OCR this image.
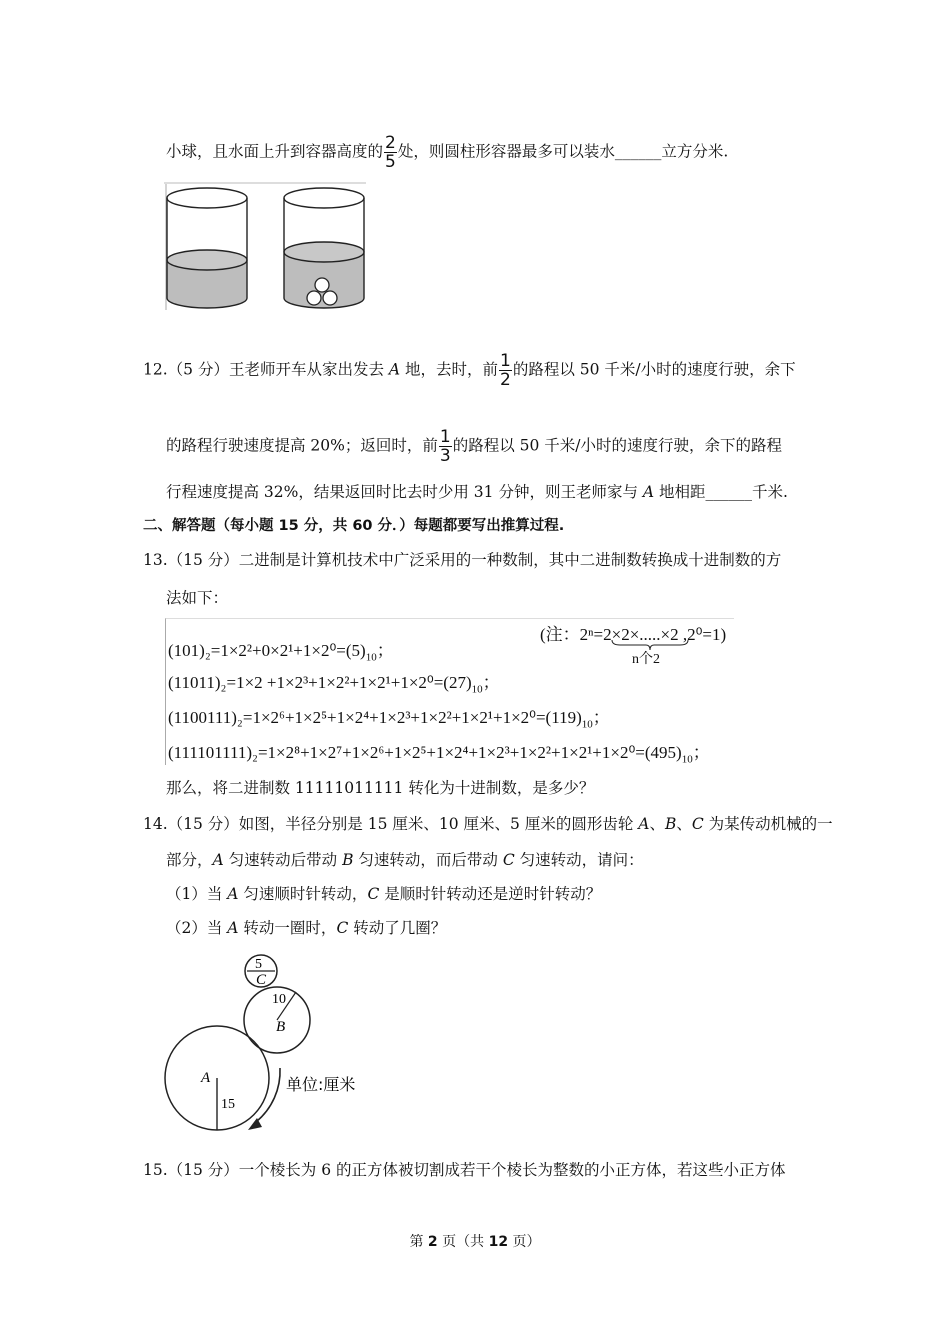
小球，且水面上升到容器高度的 $\frac{2}{5}$ 处，则圆柱形容器最多可以装水______立方分米.
12.（5 分）王老师开车从家出发去 A 地，去时，前 $\frac{1}{2}$ 的路程以 50 千米/小时的速度行驶，余下
的路程行驶速度提高 20%；返回时，前 $\frac{1}{3}$ 的路程以 50 千米/小时的速度行驶，余下的路程
行程速度提高 32%，结果返回时比去时少用 31 分钟，则王老师家与 A 地相距______千米.
二、解答题（每小题 15 分，共 60 分．）每题都要写出推算过程.
13.（15 分）二进制是计算机技术中广泛采用的一种数制，其中二进制数转换成十进制数的方
法如下：
(注：2ⁿ=2×2×.....×2 ,2⁰=1)
n个2
$(101)_2=1\times 2^2+0\times 2^1+1\times 2^0=(5)_{10}$；
$(11011)_2=1\times 2 +1\times 2^3+1\times 2^2+1\times 2^1+1\times 2^0=(27)_{10}$；
$(1100111)_2=1\times 2^6+1\times 2^5+1\times 2^4+1\times 2^3+1\times 2^2+1\times 2^1+1\times 2^0=(119)_{10}$；
$(111101111)_2=1\times 2^8+1\times 2^7+1\times 2^6+1\times 2^5+1\times 2^4+1\times 2^3+1\times 2^2+1\times 2^1+1\times 2^0=(495)_{10}$；
那么，将二进制数 11111011111 转化为十进制数，是多少？
14.（15 分）如图，半径分别是 15 厘米、10 厘米、5 厘米的圆形齿轮 A、B、C 为某传动机械的一
部分，A 匀速转动后带动 B 匀速转动，而后带动 C 匀速转动，请问：
（1）当 A 匀速顺时针转动，C 是顺时针转动还是逆时针转动？
（2）当 A 转动一圈时，C 转动了几圈？
5
C
10
B
A
15
单位:厘米
15.（15 分）一个棱长为 6 的正方体被切割成若干个棱长为整数的小正方体，若这些小正方体
第 2 页（共 12 页）
